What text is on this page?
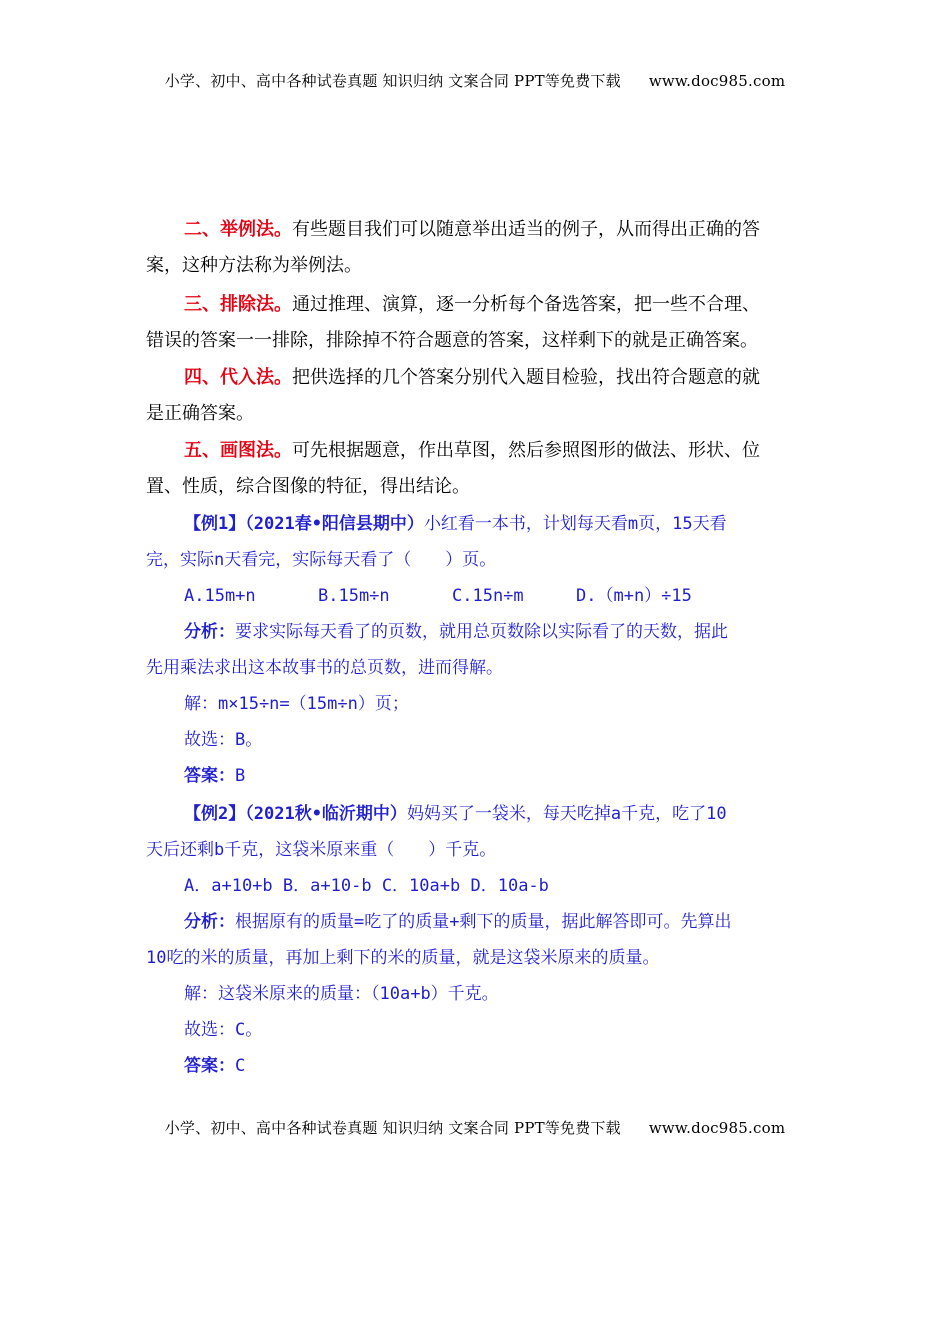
小学、初中、高中各种试卷真题 知识归纳 文案合同 PPT等免费下载 www.doc985.com
二、举例法。有些题目我们可以随意举出适当的例子，从而得出正确的答
案，这种方法称为举例法。
三、排除法。通过推理、演算，逐一分析每个备选答案，把一些不合理、
错误的答案一一排除，排除掉不符合题意的答案，这样剩下的就是正确答案。
四、代入法。把供选择的几个答案分别代入题目检验，找出符合题意的就
是正确答案。
五、画图法。可先根据题意，作出草图，然后参照图形的做法、形状、位
置、性质，综合图像的特征，得出结论。
【例1】（2021春•阳信县期中）小红看一本书，计划每天看m页，15天看
完，实际n天看完，实际每天看了（　　）页。
A.15m+n	B.15m÷n	C.15n÷m	D.（m+n）÷15
分析：要求实际每天看了的页数，就用总页数除以实际看了的天数，据此
先用乘法求出这本故事书的总页数，进而得解。
解：m×15÷n=（15m÷n）页；
故选：B。
答案：B
【例2】（2021秋•临沂期中）妈妈买了一袋米，每天吃掉a千克，吃了10
天后还剩b千克，这袋米原来重（　　）千克。
A．a+10+b B．a+10-b C．10a+b D．10a-b
分析：根据原有的质量=吃了的质量+剩下的质量，据此解答即可。先算出
10吃的米的质量，再加上剩下的米的质量，就是这袋米原来的质量。
解：这袋米原来的质量：（10a+b）千克。
故选：C。
答案：C
小学、初中、高中各种试卷真题 知识归纳 文案合同 PPT等免费下载 www.doc985.com
